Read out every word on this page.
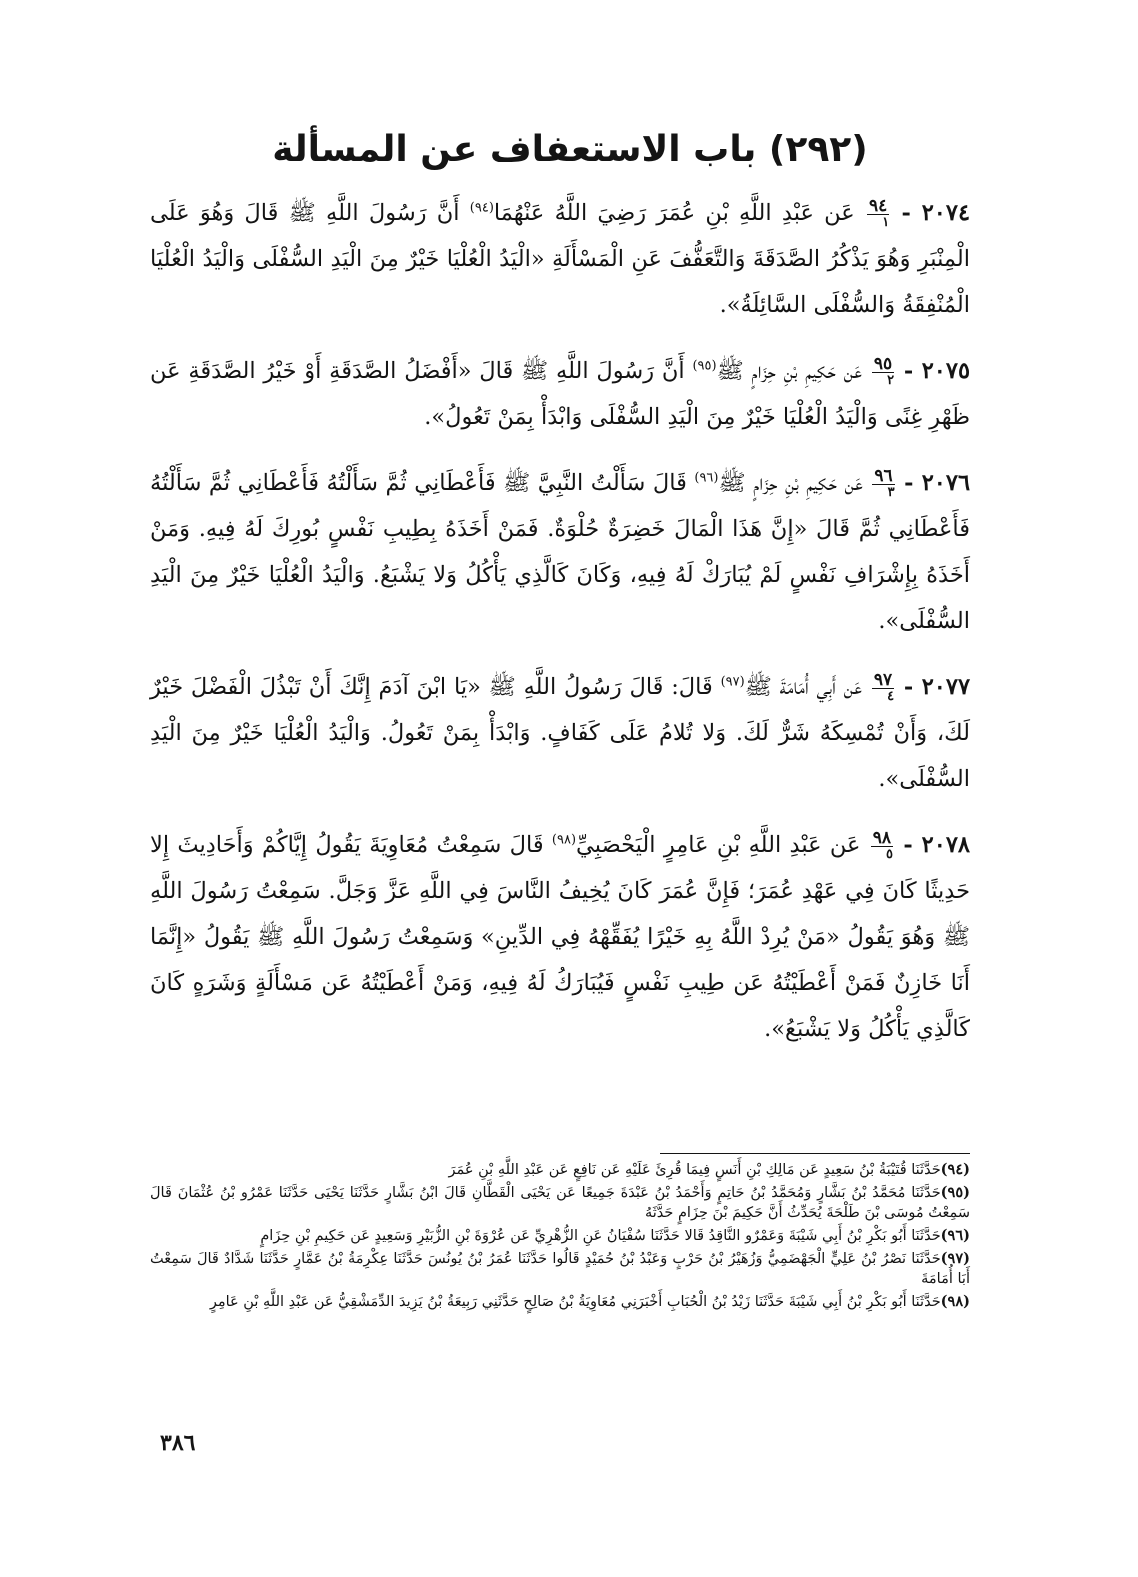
(٢٩٢) باب الاستعفاف عن المسألة

٢٠٧٤ -
$\frac{٩٤}{١}$
عَن عَبْدِ اللَّهِ بْنِ عُمَرَ رَضِيَ اللَّهُ عَنْهُمَا$^{(٩٤)}$ أَنَّ رَسُولَ اللَّهِ ﷺ قَالَ وَهُوَ عَلَى الْمِنْبَرِ وَهُوَ يَذْكُرُ الصَّدَقَةَ وَالتَّعَفُّفَ عَنِ الْمَسْأَلَةِ «الْيَدُ الْعُلْيَا خَيْرٌ مِنَ الْيَدِ السُّفْلَى وَالْيَدُ الْعُلْيَا الْمُنْفِقَةُ وَالسُّفْلَى السَّائِلَةُ».

٢٠٧٥ -
$\frac{٩٥}{٢}$
عَن حَكِيمِ بْنِ حِزَامٍ ﷺ$^{(٩٥)}$ أَنَّ رَسُولَ اللَّهِ ﷺ قَالَ «أَفْضَلُ الصَّدَقَةِ أَوْ خَيْرُ الصَّدَقَةِ عَن ظَهْرِ غِنًى وَالْيَدُ الْعُلْيَا خَيْرٌ مِنَ الْيَدِ السُّفْلَى وَابْدَأْ بِمَنْ تَعُولُ».

٢٠٧٦ -
$\frac{٩٦}{٣}$
عَن حَكِيمِ بْنِ حِزَامٍ ﷺ$^{(٩٦)}$ قَالَ سَأَلْتُ النَّبِيَّ ﷺ فَأَعْطَانِي ثُمَّ سَأَلْتُهُ فَأَعْطَانِي ثُمَّ سَأَلْتُهُ فَأَعْطَانِي ثُمَّ قَالَ «إِنَّ هَذَا الْمَالَ خَضِرَةٌ حُلْوَةٌ. فَمَنْ أَخَذَهُ بِطِيبِ نَفْسٍ بُورِكَ لَهُ فِيهِ. وَمَنْ أَخَذَهُ بِإِشْرَافِ نَفْسٍ لَمْ يُبَارَكْ لَهُ فِيهِ، وَكَانَ كَالَّذِي يَأْكُلُ وَلا يَشْبَعُ. وَالْيَدُ الْعُلْيَا خَيْرٌ مِنَ الْيَدِ السُّفْلَى».

٢٠٧٧ -
$\frac{٩٧}{٤}$
عَن أَبِي أُمَامَةَ ﷺ$^{(٩٧)}$ قَالَ: قَالَ رَسُولُ اللَّهِ ﷺ «يَا ابْنَ آدَمَ إِنَّكَ أَنْ تَبْذُلَ الْفَضْلَ خَيْرٌ لَكَ، وَأَنْ تُمْسِكَهُ شَرٌّ لَكَ. وَلا تُلامُ عَلَى كَفَافٍ. وَابْدَأْ بِمَنْ تَعُولُ. وَالْيَدُ الْعُلْيَا خَيْرٌ مِنَ الْيَدِ السُّفْلَى».

٢٠٧٨ -
$\frac{٩٨}{٥}$
عَن عَبْدِ اللَّهِ بْنِ عَامِرٍ الْيَحْصَبِيِّ$^{(٩٨)}$ قَالَ سَمِعْتُ مُعَاوِيَةَ يَقُولُ إِيَّاكُمْ وَأَحَادِيثَ إِلا حَدِيثًا كَانَ فِي عَهْدِ عُمَرَ؛ فَإِنَّ عُمَرَ كَانَ يُخِيفُ النَّاسَ فِي اللَّهِ عَزَّ وَجَلَّ. سَمِعْتُ رَسُولَ اللَّهِ ﷺ وَهُوَ يَقُولُ «مَنْ يُرِدْ اللَّهُ بِهِ خَيْرًا يُفَقِّهْهُ فِي الدِّينِ» وَسَمِعْتُ رَسُولَ اللَّهِ ﷺ يَقُولُ «إِنَّمَا أَنَا خَازِنٌ فَمَنْ أَعْطَيْتُهُ عَن طِيبِ نَفْسٍ فَيُبَارَكُ لَهُ فِيهِ، وَمَنْ أَعْطَيْتُهُ عَن مَسْأَلَةٍ وَشَرَهٍ كَانَ كَالَّذِي يَأْكُلُ وَلا يَشْبَعُ».

(٩٤)حَدَّثَنَا قُتَيْبَةُ بْنُ سَعِيدٍ عَن مَالِكِ بْنِ أَنَسٍ فِيمَا قُرِئَ عَلَيْهِ عَن نَافِعٍ عَن عَبْدِ اللَّهِ بْنِ عُمَرَ

(٩٥)حَدَّثَنَا مُحَمَّدُ بْنُ بَشَّارٍ وَمُحَمَّدُ بْنُ حَاتِمٍ وَأَحْمَدُ بْنُ عَبْدَةَ جَمِيعًا عَن يَحْيَى الْقَطَّانِ قَالَ ابْنُ بَشَّارٍ حَدَّثَنَا يَحْيَى حَدَّثَنَا عَمْرُو بْنُ عُثْمَانَ قَالَ سَمِعْتُ مُوسَى بْنَ طَلْحَةَ يُحَدِّثُ أَنَّ حَكِيمَ بْنَ حِزَامٍ حَدَّثَهُ

(٩٦)حَدَّثَنَا أَبُو بَكْرِ بْنُ أَبِي شَيْبَةَ وَعَمْرٌو النَّاقِدُ قَالا حَدَّثَنَا سُفْيَانُ عَنِ الزُّهْرِيِّ عَن عُرْوَةَ بْنِ الزُّبَيْرِ وَسَعِيدٍ عَن حَكِيمِ بْنِ حِزَامٍ

(٩٧)حَدَّثَنَا نَصْرُ بْنُ عَلِيٍّ الْجَهْضَمِيُّ وَزُهَيْرُ بْنُ حَرْبٍ وَعَبْدُ بْنُ حُمَيْدٍ قَالُوا حَدَّثَنَا عُمَرُ بْنُ يُونُسَ حَدَّثَنَا عِكْرِمَةُ بْنُ عَمَّارٍ حَدَّثَنَا شَدَّادٌ قَالَ سَمِعْتُ أَبَا أُمَامَةَ

(٩٨)حَدَّثَنَا أَبُو بَكْرِ بْنُ أَبِي شَيْبَةَ حَدَّثَنَا زَيْدُ بْنُ الْحُبَابِ أَخْبَرَنِي مُعَاوِيَةُ بْنُ صَالِحٍ حَدَّثَنِي رَبِيعَةُ بْنُ يَزِيدَ الدِّمَشْقِيُّ عَن عَبْدِ اللَّهِ بْنِ عَامِرٍ

٣٨٦
